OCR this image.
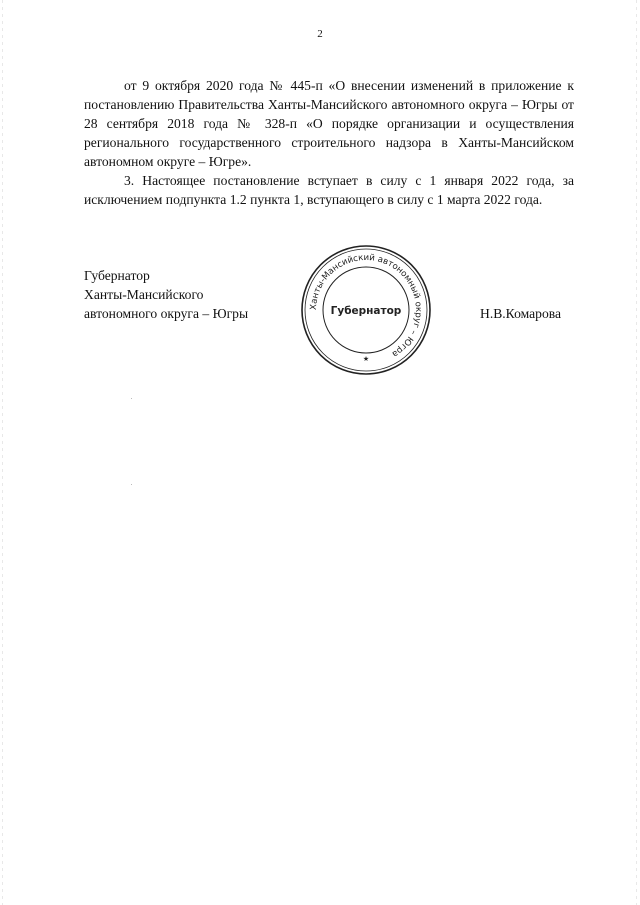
2

от 9 октября 2020 года № 445-п «О внесении изменений в приложение к постановлению Правительства Ханты-Мансийского автономного округа – Югры от 28 сентября 2018 года № 328-п «О порядке организации и осуществления регионального государственного строительного надзора в Ханты-Мансийском автономном округе – Югре».

3. Настоящее постановление вступает в силу с 1 января 2022 года, за исключением подпункта 1.2 пункта 1, вступающего в силу с 1 марта 2022 года.

Губернатор
Ханты-Мансийского
автономного округа – Югры	Ханты-Мансийский автономный округ – Югра
Губернатор
★
Н.В.Комарова
